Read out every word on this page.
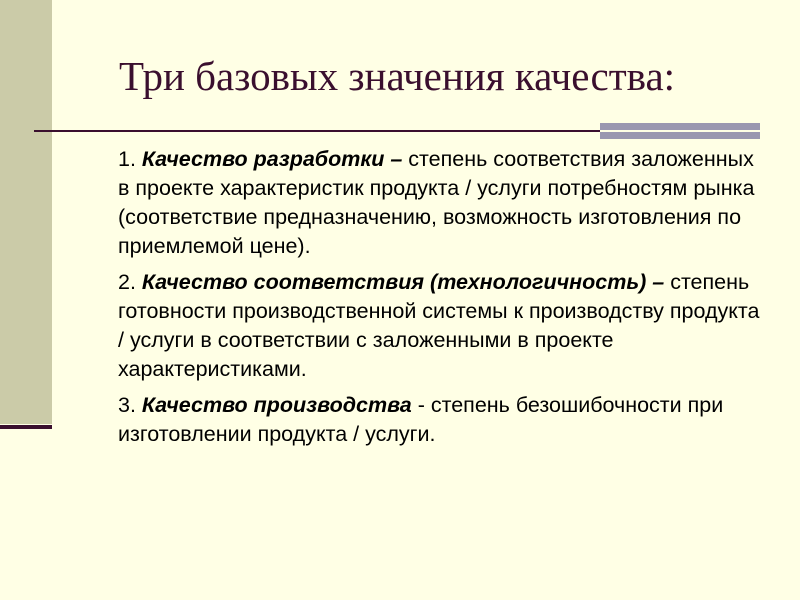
Три базовых значения качества:

1. Качество разработки – степень соответствия заложенных в проекте характеристик продукта / услуги потребностям рынка (соответствие предназначению, возможность изготовления по приемлемой цене).

2. Качество соответствия (технологичность) – степень готовности производственной системы к производству продукта / услуги в соответствии с заложенными в проекте характеристиками.

3. Качество производства - степень безошибочности при изготовлении продукта / услуги.
